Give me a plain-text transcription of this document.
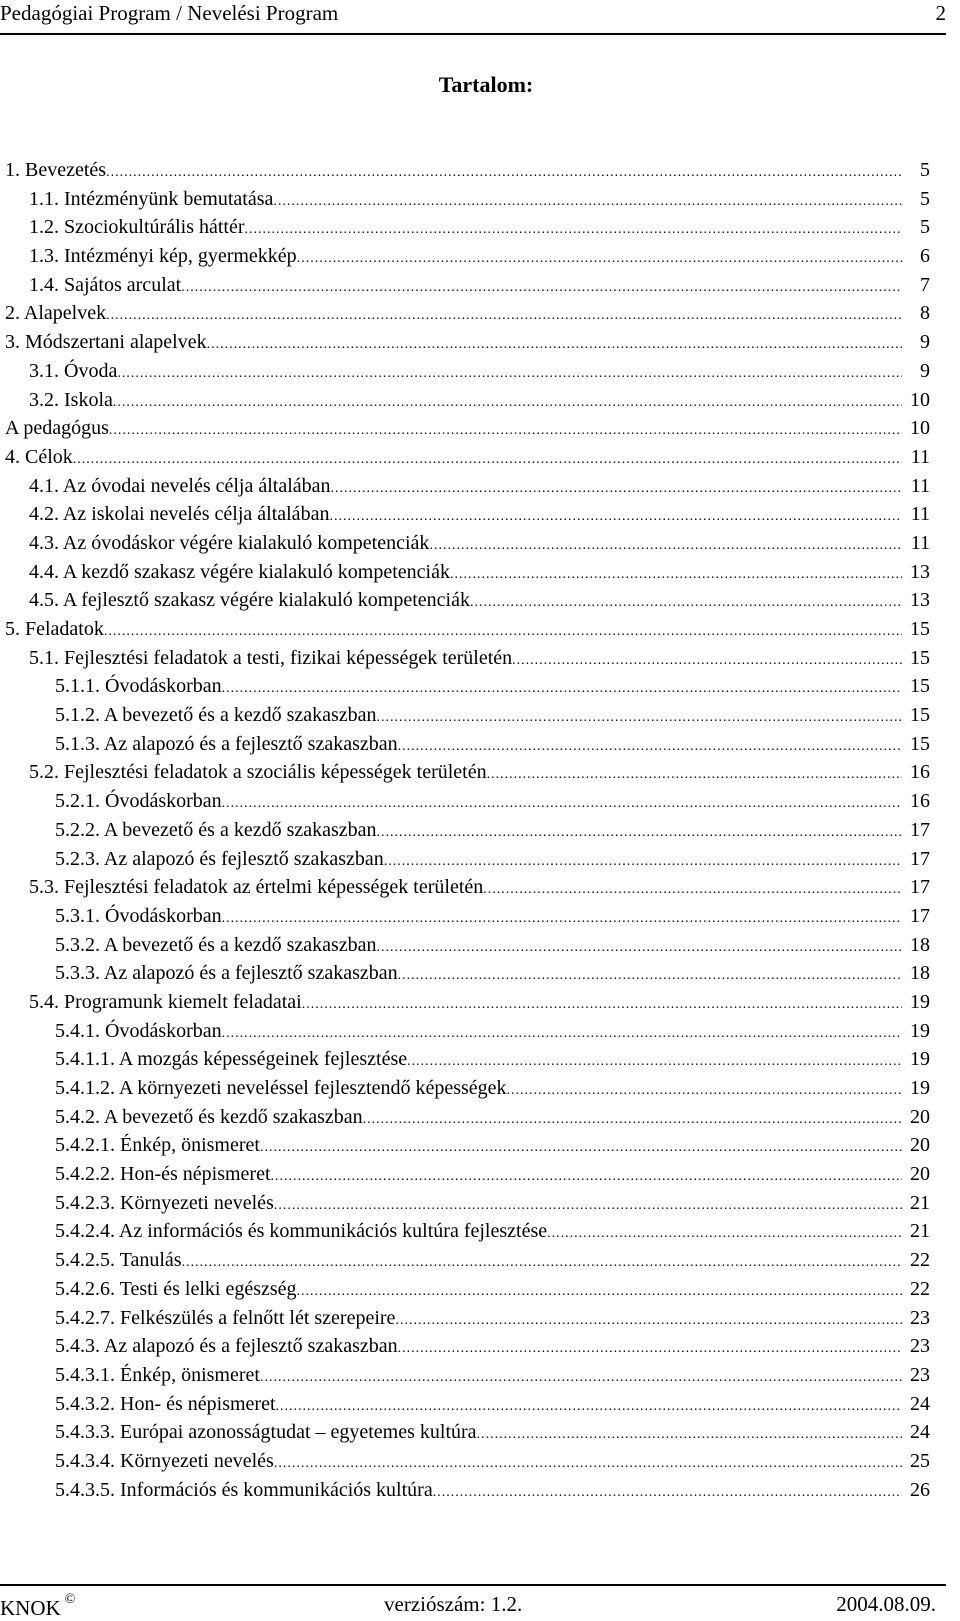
Pedagógiai Program / Nevelési Program	2
Tartalom:
1. Bevezetés .....	5
1.1. Intézményünk bemutatása .....	5
1.2. Szociokultúrális háttér .....	5
1.3. Intézményi kép, gyermekkép .....	6
1.4. Sajátos arculat .....	7
2. Alapelvek .....	8
3. Módszertani alapelvek .....	9
3.1. Óvoda .....	9
3.2. Iskola .....	10
A pedagógus .....	10
4. Célok .....	11
4.1. Az óvodai nevelés célja általában .....	11
4.2. Az iskolai nevelés célja általában .....	11
4.3. Az óvodáskor végére kialakuló kompetenciák .....	11
4.4. A kezdő szakasz végére kialakuló kompetenciák .....	13
4.5. A fejlesztő szakasz végére kialakuló kompetenciák .....	13
5. Feladatok .....	15
5.1. Fejlesztési feladatok a testi, fizikai képességek területén .....	15
5.1.1. Óvodáskorban .....	15
5.1.2. A bevezető és a kezdő szakaszban .....	15
5.1.3. Az alapozó és a fejlesztő szakaszban .....	15
5.2. Fejlesztési feladatok a szociális képességek területén .....	16
5.2.1. Óvodáskorban .....	16
5.2.2. A bevezető és a kezdő szakaszban .....	17
5.2.3. Az alapozó és fejlesztő szakaszban .....	17
5.3. Fejlesztési feladatok az értelmi képességek területén .....	17
5.3.1. Óvodáskorban .....	17
5.3.2. A bevezető és a kezdő szakaszban .....	18
5.3.3. Az alapozó és a fejlesztő szakaszban .....	18
5.4. Programunk kiemelt feladatai .....	19
5.4.1. Óvodáskorban .....	19
5.4.1.1. A mozgás képességeinek fejlesztése .....	19
5.4.1.2. A környezeti neveléssel fejlesztendő képességek .....	19
5.4.2. A bevezető és kezdő szakaszban .....	20
5.4.2.1. Énkép, önismeret .....	20
5.4.2.2. Hon-és népismeret .....	20
5.4.2.3. Környezeti nevelés .....	21
5.4.2.4. Az információs és kommunikációs kultúra fejlesztése .....	21
5.4.2.5. Tanulás .....	22
5.4.2.6. Testi és lelki egészség .....	22
5.4.2.7. Felkészülés a felnőtt lét szerepeire .....	23
5.4.3. Az alapozó és a fejlesztő szakaszban .....	23
5.4.3.1. Énkép, önismeret .....	23
5.4.3.2. Hon- és népismeret .....	24
5.4.3.3. Európai azonosságtudat – egyetemes kultúra .....	24
5.4.3.4. Környezeti nevelés .....	25
5.4.3.5. Információs és kommunikációs kultúra .....	26
KNOK ©	verziószám: 1.2.	2004.08.09.
